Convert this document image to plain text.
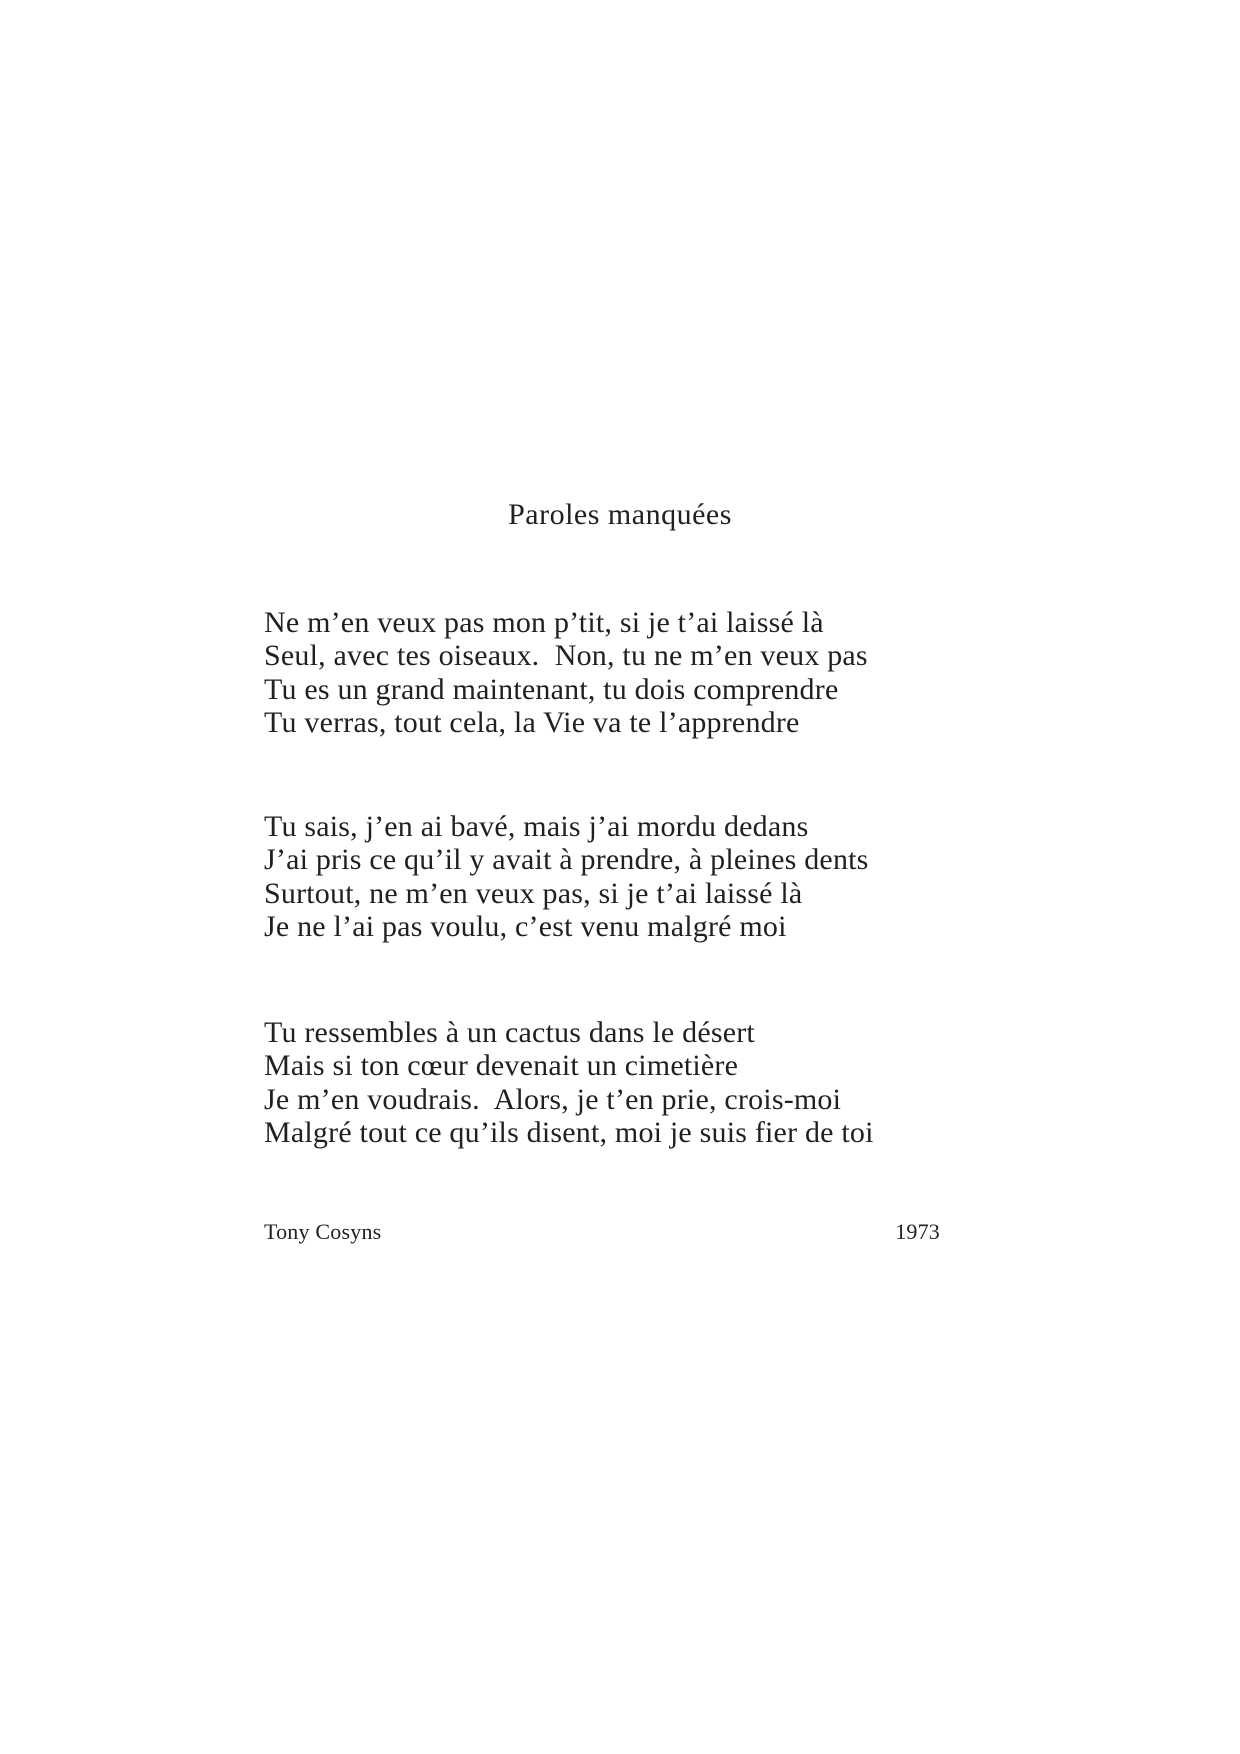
Paroles manquées
Ne m’en veux pas mon p’tit, si je t’ai laissé là
Seul, avec tes oiseaux.  Non, tu ne m’en veux pas
Tu es un grand maintenant, tu dois comprendre
Tu verras, tout cela, la Vie va te l’apprendre
Tu sais, j’en ai bavé, mais j’ai mordu dedans
J’ai pris ce qu’il y avait à prendre, à pleines dents
Surtout, ne m’en veux pas, si je t’ai laissé là
Je ne l’ai pas voulu, c’est venu malgré moi
Tu ressembles à un cactus dans le désert
Mais si ton cœur devenait un cimetière
Je m’en voudrais.  Alors, je t’en prie, crois-moi
Malgré tout ce qu’ils disent, moi je suis fier de toi
Tony Cosyns	1973
